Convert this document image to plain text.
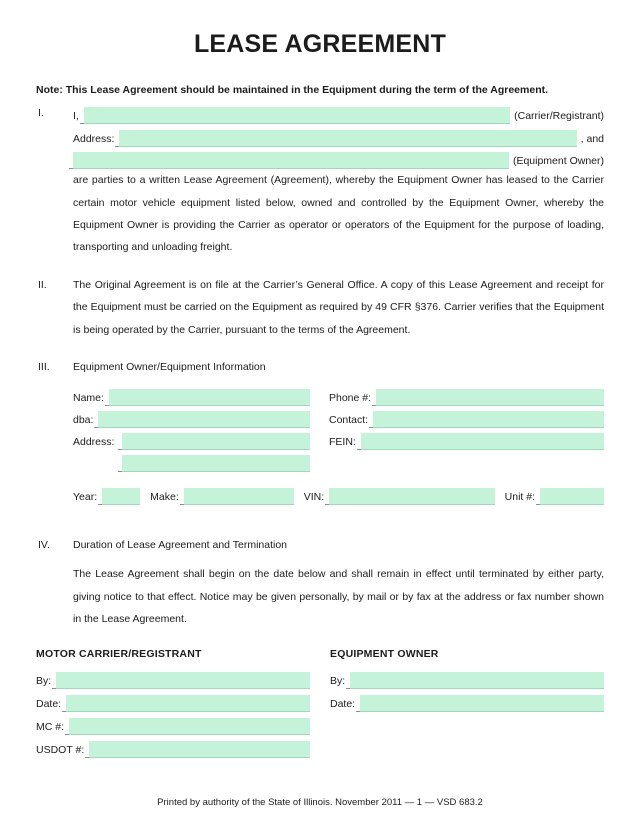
LEASE AGREEMENT
Note: This Lease Agreement should be maintained in the Equipment during the term of the Agreement.
I.	I,	(Carrier/Registrant)
Address:	, and
(Equipment Owner)
are parties to a written Lease Agreement (Agreement), whereby the Equipment Owner has leased to the Carrier certain motor vehicle equipment listed below, owned and controlled by the Equipment Owner, whereby the Equipment Owner is providing the Carrier as operator or operators of the Equipment for the purpose of loading, transporting and unloading freight.
II. The Original Agreement is on file at the Carrier’s General Office. A copy of this Lease Agreement and receipt for the Equipment must be carried on the Equipment as required by 49 CFR §376. Carrier verifies that the Equipment is being operated by the Carrier, pursuant to the terms of the Agreement.
III. Equipment Owner/Equipment Information
Name:	Phone #:
dba:	Contact:
Address:	FEIN:
Year:	Make:	VIN:	Unit #:
IV. Duration of Lease Agreement and Termination
The Lease Agreement shall begin on the date below and shall remain in effect until terminated by either party, giving notice to that effect. Notice may be given personally, by mail or by fax at the address or fax number shown in the Lease Agreement.
MOTOR CARRIER/REGISTRANT
By:
Date:
MC #:
USDOT #:
EQUIPMENT OWNER
By:
Date:
Printed by authority of the State of Illinois. November 2011 — 1 — VSD 683.2
